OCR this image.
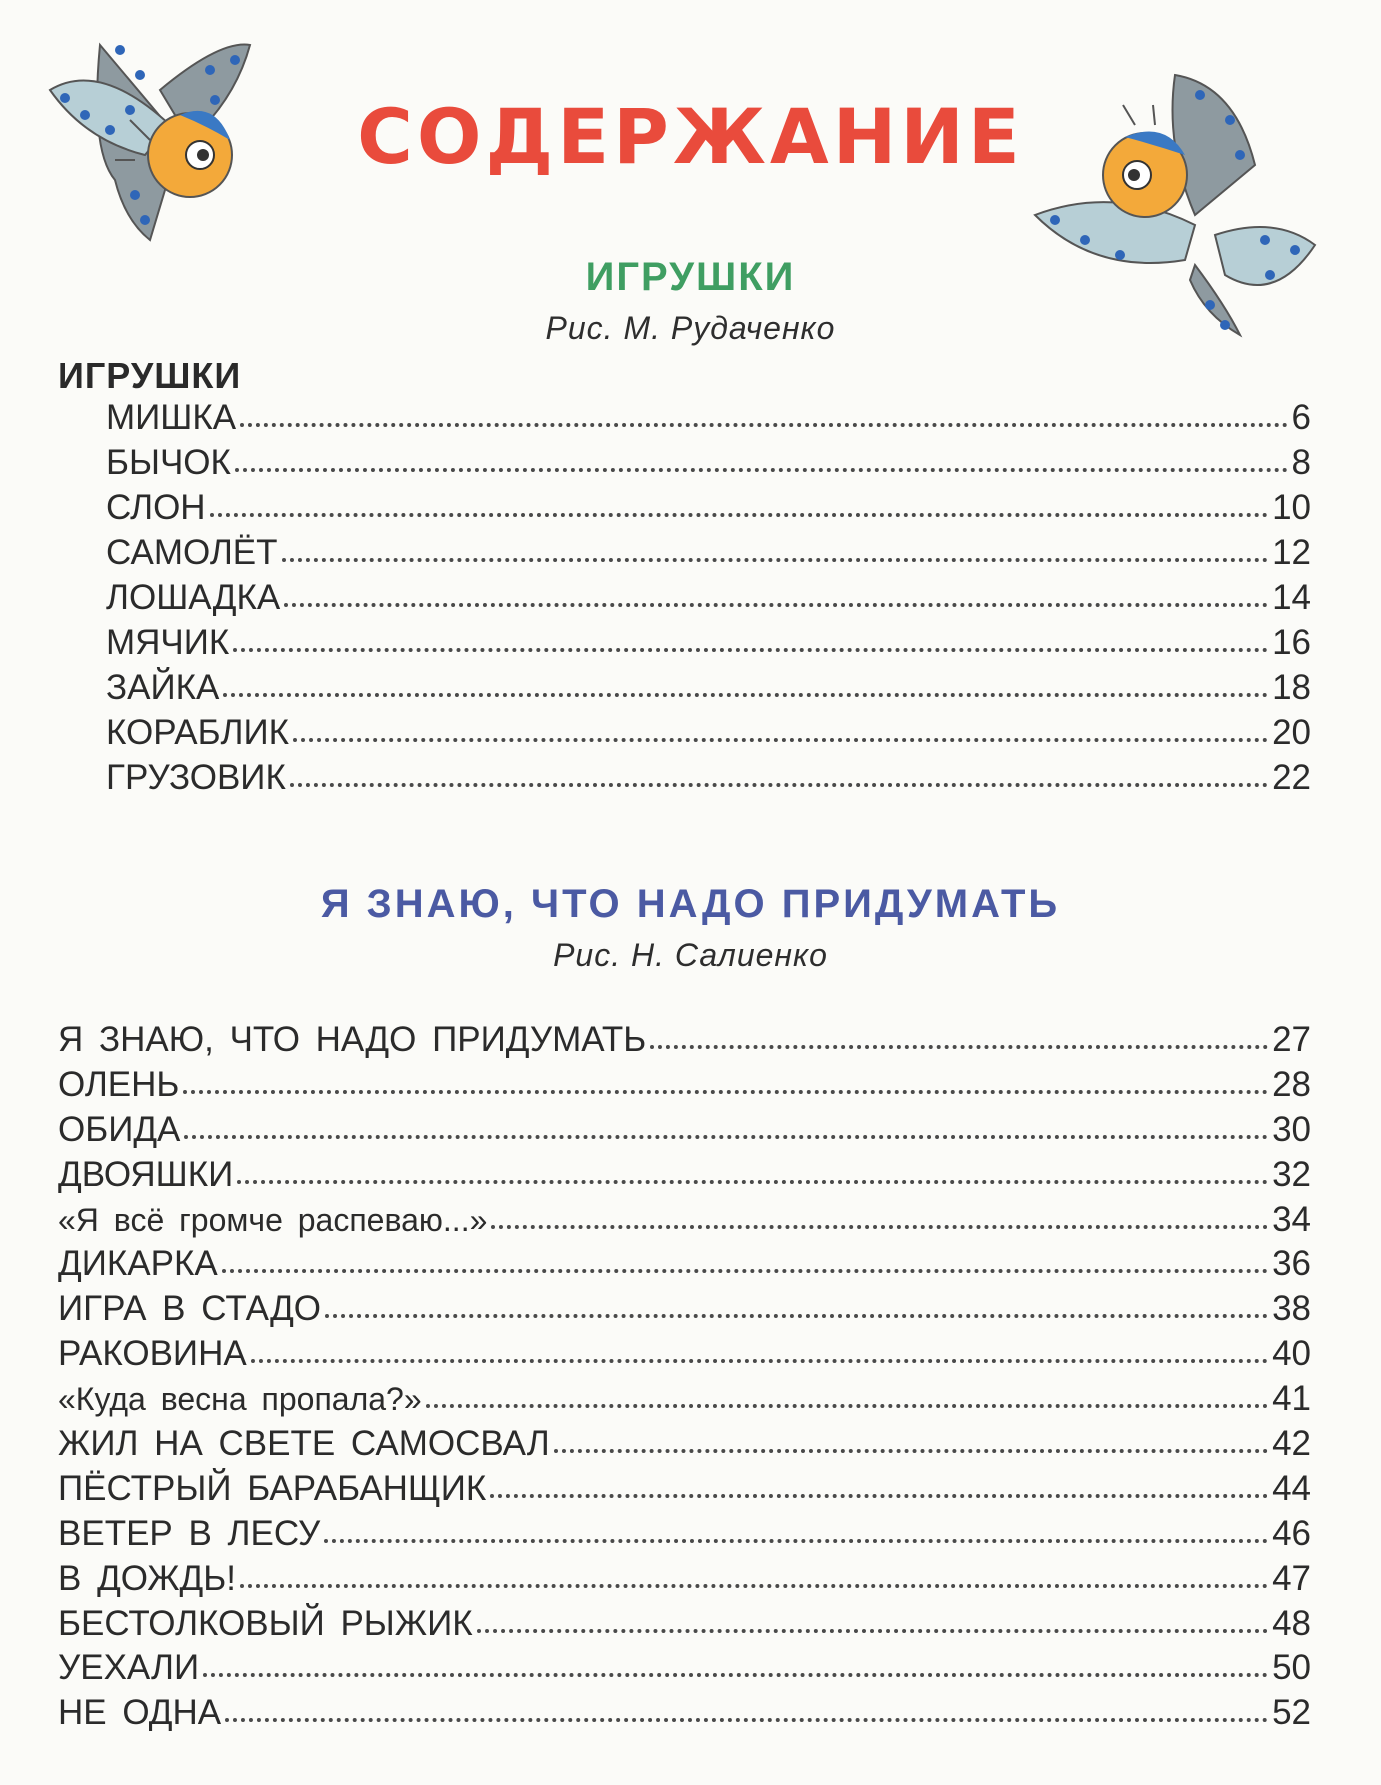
СОДЕРЖАНИЕ
ИГРУШКИ
Рис. М. Рудаченко
ИГРУШКИ
МИШКА	6
БЫЧОК	8
СЛОН	10
САМОЛЁТ	12
ЛОШАДКА	14
МЯЧИК	16
ЗАЙКА	18
КОРАБЛИК	20
ГРУЗОВИК	22
Я ЗНАЮ, ЧТО НАДО ПРИДУМАТЬ
Рис. Н. Салиенко
Я ЗНАЮ, ЧТО НАДО ПРИДУМАТЬ	27
ОЛЕНЬ	28
ОБИДА	30
ДВОЯШКИ	32
«Я всё громче распеваю...»	34
ДИКАРКА	36
ИГРА В СТАДО	38
РАКОВИНА	40
«Куда весна пропала?»	41
ЖИЛ НА СВЕТЕ САМОСВАЛ	42
ПЁСТРЫЙ БАРАБАНЩИК	44
ВЕТЕР В ЛЕСУ	46
В ДОЖДЬ!	47
БЕСТОЛКОВЫЙ РЫЖИК	48
УЕХАЛИ	50
НЕ ОДНА	52
